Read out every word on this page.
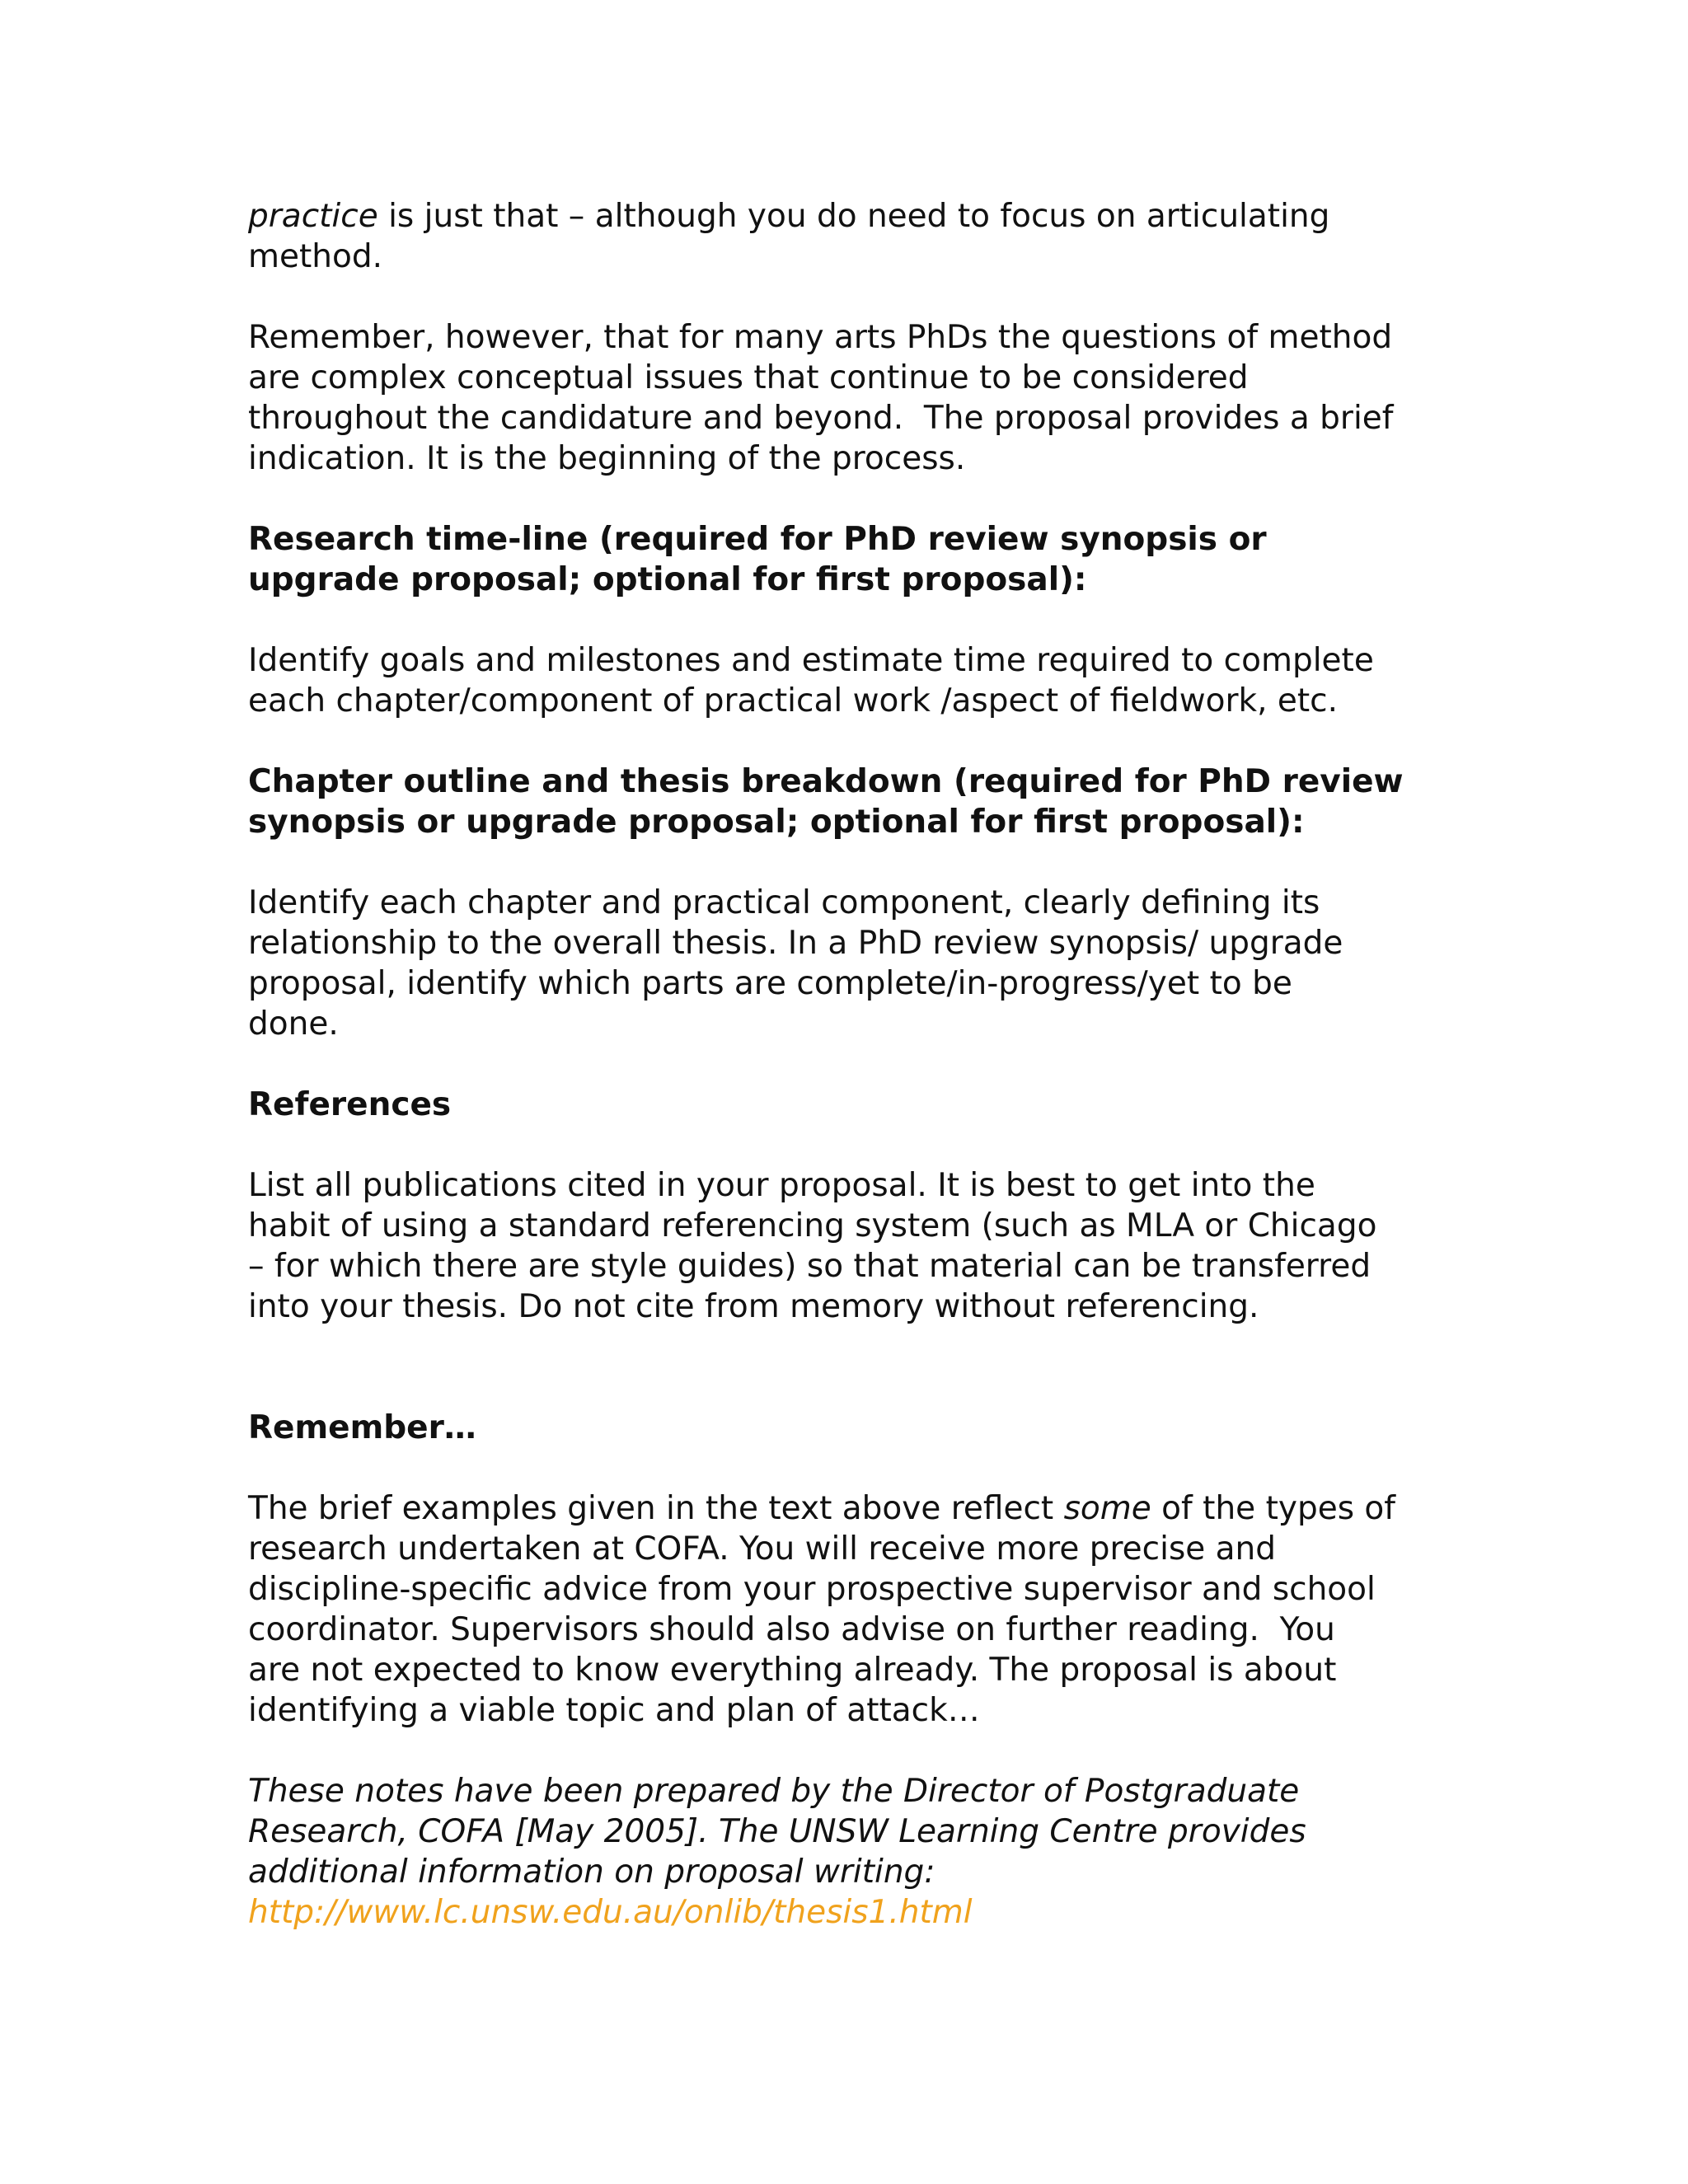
practice is just that – although you do need to focus on articulating
method.
Remember, however, that for many arts PhDs the questions of method
are complex conceptual issues that continue to be considered
throughout the candidature and beyond.  The proposal provides a brief
indication. It is the beginning of the process.
Research time-line (required for PhD review synopsis or
upgrade proposal; optional for first proposal):
Identify goals and milestones and estimate time required to complete
each chapter/component of practical work /aspect of fieldwork, etc.
Chapter outline and thesis breakdown (required for PhD review
synopsis or upgrade proposal; optional for first proposal):
Identify each chapter and practical component, clearly defining its
relationship to the overall thesis. In a PhD review synopsis/ upgrade
proposal, identify which parts are complete/in-progress/yet to be
done.
References
List all publications cited in your proposal. It is best to get into the
habit of using a standard referencing system (such as MLA or Chicago
– for which there are style guides) so that material can be transferred
into your thesis. Do not cite from memory without referencing.
Remember…
The brief examples given in the text above reflect some of the types of
research undertaken at COFA. You will receive more precise and
discipline-specific advice from your prospective supervisor and school
coordinator. Supervisors should also advise on further reading.  You
are not expected to know everything already. The proposal is about
identifying a viable topic and plan of attack…
These notes have been prepared by the Director of Postgraduate
Research, COFA [May 2005]. The UNSW Learning Centre provides
additional information on proposal writing:
http://www.lc.unsw.edu.au/onlib/thesis1.html
